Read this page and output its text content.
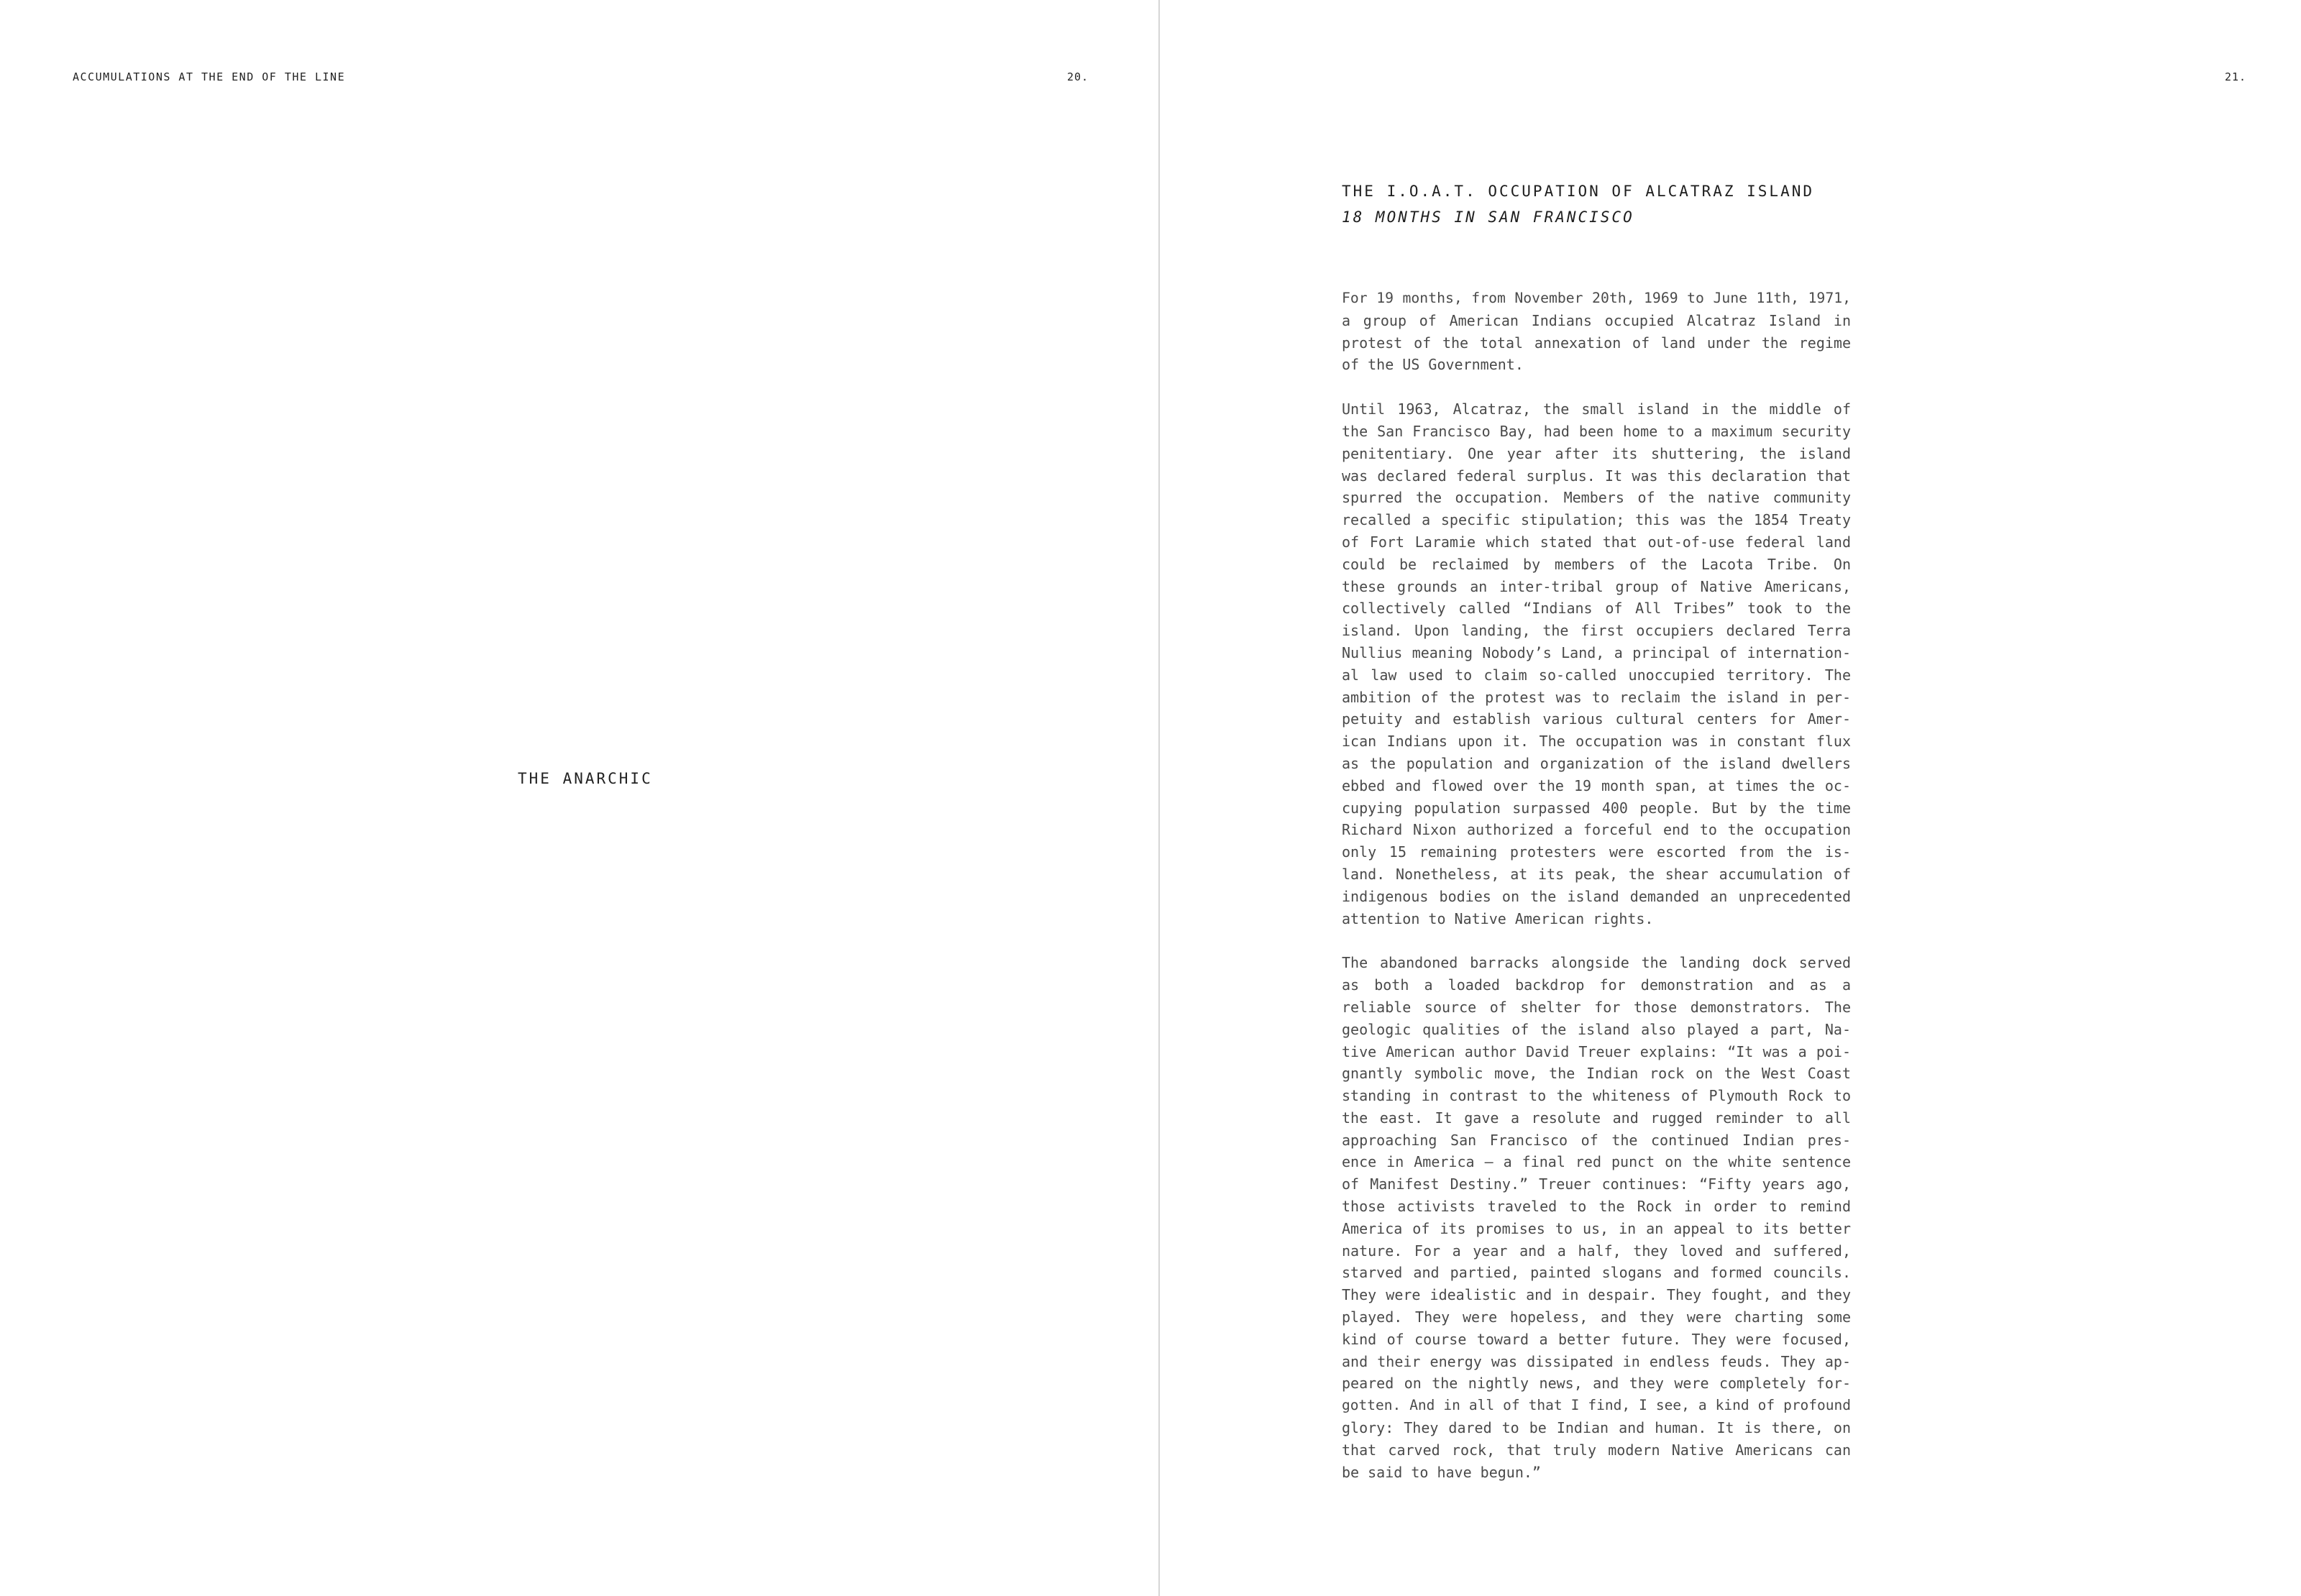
ACCUMULATIONS AT THE END OF THE LINE	20.
THE ANARCHIC
21.
THE I.O.A.T. OCCUPATION OF ALCATRAZ ISLAND
18 MONTHS IN SAN FRANCISCO
For 19 months, from November 20th, 1969 to June 11th, 1971,
a group of American Indians occupied Alcatraz Island in
protest of the total annexation of land under the regime
of the US Government.
Until 1963, Alcatraz, the small island in the middle of
the San Francisco Bay, had been home to a maximum security
penitentiary. One year after its shuttering, the island
was declared federal surplus. It was this declaration that
spurred the occupation. Members of the native community
recalled a specific stipulation; this was the 1854 Treaty
of Fort Laramie which stated that out-of-use federal land
could be reclaimed by members of the Lacota Tribe. On
these grounds an inter-tribal group of Native Americans,
collectively called “Indians of All Tribes” took to the
island. Upon landing, the first occupiers declared Terra
Nullius meaning Nobody’s Land, a principal of internation-
al law used to claim so-called unoccupied territory. The
ambition of the protest was to reclaim the island in per-
petuity and establish various cultural centers for Amer-
ican Indians upon it. The occupation was in constant flux
as the population and organization of the island dwellers
ebbed and flowed over the 19 month span, at times the oc-
cupying population surpassed 400 people. But by the time
Richard Nixon authorized a forceful end to the occupation
only 15 remaining protesters were escorted from the is-
land. Nonetheless, at its peak, the shear accumulation of
indigenous bodies on the island demanded an unprecedented
attention to Native American rights.
The abandoned barracks alongside the landing dock served
as both a loaded backdrop for demonstration and as a
reliable source of shelter for those demonstrators. The
geologic qualities of the island also played a part, Na-
tive American author David Treuer explains: “It was a poi-
gnantly symbolic move, the Indian rock on the West Coast
standing in contrast to the whiteness of Plymouth Rock to
the east. It gave a resolute and rugged reminder to all
approaching San Francisco of the continued Indian pres-
ence in America — a final red punct on the white sentence
of Manifest Destiny.” Treuer continues: “Fifty years ago,
those activists traveled to the Rock in order to remind
America of its promises to us, in an appeal to its better
nature. For a year and a half, they loved and suffered,
starved and partied, painted slogans and formed councils.
They were idealistic and in despair. They fought, and they
played. They were hopeless, and they were charting some
kind of course toward a better future. They were focused,
and their energy was dissipated in endless feuds. They ap-
peared on the nightly news, and they were completely for-
gotten. And in all of that I find, I see, a kind of profound
glory: They dared to be Indian and human. It is there, on
that carved rock, that truly modern Native Americans can
be said to have begun.”
